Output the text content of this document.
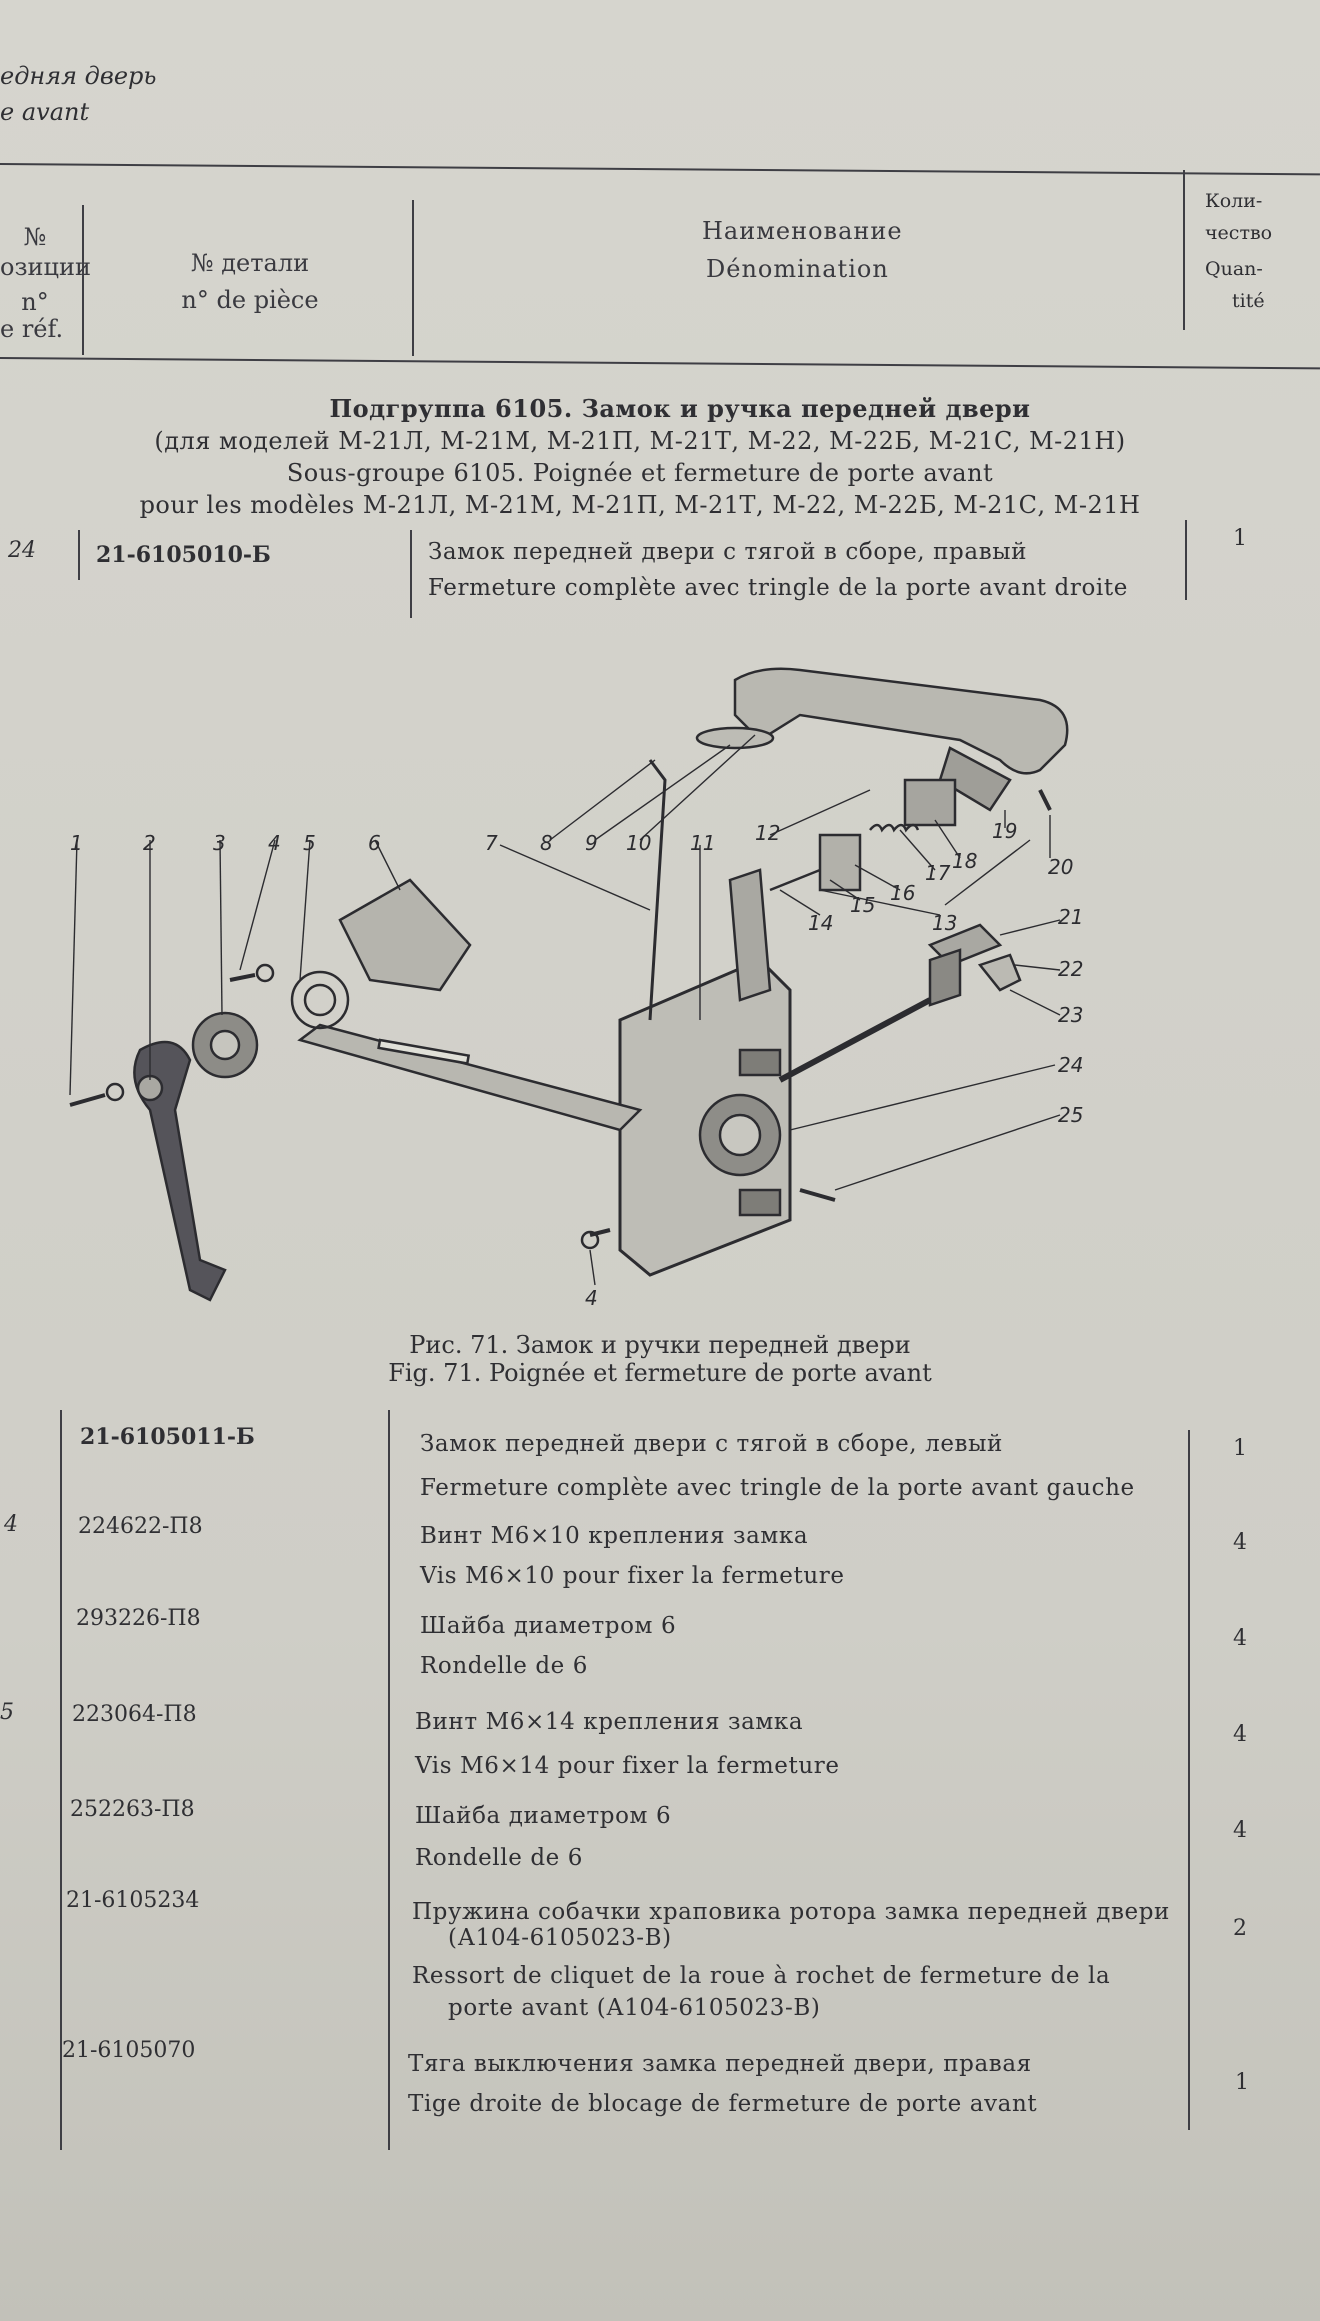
едняя дверь
e avant
№
озиции
n°
e réf.
№ детали
n° de pièce
Наименование
Dénomination
Коли-
чество
Quan-
tité
Подгруппа 6105. Замок и ручка передней двери
(для моделей М-21Л, М-21М, М-21П, М-21Т, М-22, М-22Б, М-21С, М-21Н)
Sous-groupe 6105. Poignée et fermeture de porte avant
pour les modèles М-21Л, М-21М, М-21П, М-21Т, М-22, М-22Б, М-21С, М-21Н
24	21-6105010-Б	Замок передней двери с тягой в сборе, правый
Fermeture complète avec tringle de la porte avant droite
1
1	2	3 4 5	6	7 8 9 10 11 12
13
14
15 16
17 18
19
20
21
22
23
24
25
4
Рис. 71. Замок и ручки передней двери
Fig. 71. Poignée et fermeture de porte avant
21-6105011-Б	Замок передней двери с тягой в сборе, левый
Fermeture complète avec tringle de la porte avant gauche
1
4	224622-П8	Винт М6×10 крепления замка
Vis М6×10 pour fixer la fermeture
4
293226-П8	Шайба диаметром 6
Rondelle de 6
4
5	223064-П8	Винт М6×14 крепления замка
Vis М6×14 pour fixer la fermeture
4
252263-П8	Шайба диаметром 6
Rondelle de 6
4
21-6105234	Пружина собачки храповика ротора замка передней двери
(А104-6105023-В)
Ressort de cliquet de la roue à rochet de fermeture de la
porte avant (А104-6105023-В)
2
21-6105070
Тяга выключения замка передней двери, правая
Tige droite de blocage de fermeture de porte avant
1
